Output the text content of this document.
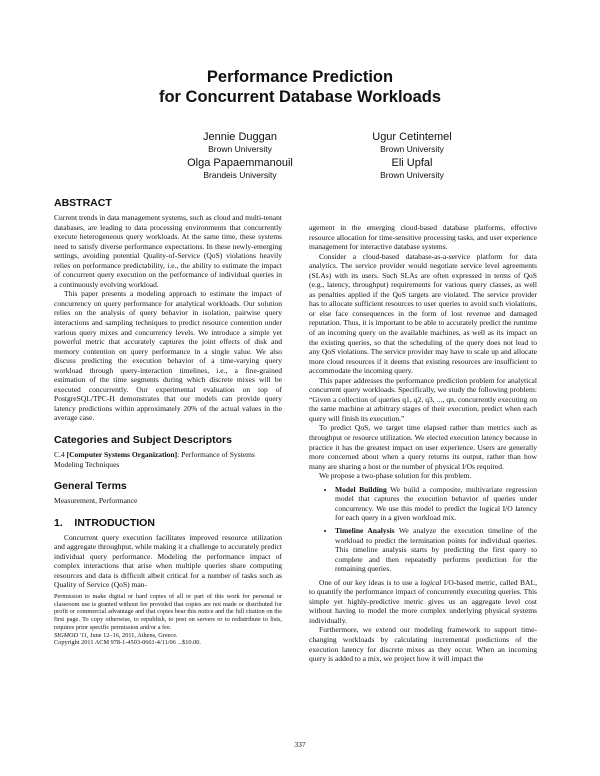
Performance Prediction
for Concurrent Database Workloads
Jennie Duggan
Brown University
Ugur Cetintemel
Brown University
Olga Papaemmanouil
Brandeis University
Eli Upfal
Brown University
ABSTRACT

Current trends in data management systems, such as cloud and multi-tenant databases, are leading to data processing environments that concurrently execute heterogeneous query workloads. At the same time, these systems need to satisfy diverse performance expectations. In these newly-emerging settings, avoiding potential Quality-of-Service (QoS) violations heavily relies on performance predictability, i.e., the ability to estimate the impact of concurrent query execution on the performance of individual queries in a continuously evolving workload.

This paper presents a modeling approach to estimate the impact of concurrency on query performance for analytical workloads. Our solution relies on the analysis of query behavior in isolation, pairwise query interactions and sampling techniques to predict resource contention under various query mixes and concurrency levels. We introduce a simple yet powerful metric that accurately captures the joint effects of disk and memory contention on query performance in a single value. We also discuss predicting the execution behavior of a time-varying query workload through query-interaction timelines, i.e., a fine-grained estimation of the time segments during which discrete mixes will be executed concurrently. Our experimental evaluation on top of PostgreSQL/TPC-H demonstrates that our models can provide query latency predictions within approximately 20% of the actual values in the average case.

Categories and Subject Descriptors

C.4 [Computer Systems Organization]: Performance of Systems

Modeling Techniques

General Terms

Measurement, Performance

1.    INTRODUCTION

Concurrent query execution facilitates improved resource utilization and aggregate throughput, while making it a challenge to accurately predict individual query performance. Modeling the performance impact of complex interactions that arise when multiple queries share computing resources and data is difficult albeit critical for a number of tasks such as Quality of Service (QoS) man-

Permission to make digital or hard copies of all or part of this work for personal or classroom use is granted without fee provided that copies are not made or distributed for profit or commercial advantage and that copies bear this notice and the full citation on the first page. To copy otherwise, to republish, to post on servers or to redistribute to lists, requires prior specific permission and/or a fee.

SIGMOD '11, June 12–16, 2011, Athens, Greece.

Copyright 2011 ACM 978-1-4503-0661-4/11/06 ...$10.00.

agement in the emerging cloud-based database platforms, effective resource allocation for time-sensitive processing tasks, and user experience management for interactive database systems.

Consider a cloud-based database-as-a-service platform for data analytics. The service provider would negotiate service level agreements (SLAs) with its users. Such SLAs are often expressed in terms of QoS (e.g., latency, throughput) requirements for various query classes, as well as penalties applied if the QoS targets are violated. The service provider has to allocate sufficient resources to user queries to avoid such violations, or else face consequences in the form of lost revenue and damaged reputation. Thus, it is important to be able to accurately predict the runtime of an incoming query on the available machines, as well as its impact on the existing queries, so that the scheduling of the query does not lead to any QoS violations. The service provider may have to scale up and allocate more cloud resources if it deems that existing resources are insufficient to accommodate the incoming query.

This paper addresses the performance prediction problem for analytical concurrent query workloads. Specifically, we study the following problem: “Given a collection of queries q1, q2, q3, ..., qn, concurrently executing on the same machine at arbitrary stages of their execution, predict when each query will finish its execution.”

To predict QoS, we target time elapsed rather than metrics such as throughput or resource utilization. We elected execution latency because in practice it has the greatest impact on user experience. Users are generally more concerned about when a query returns its output, rather than how many are sharing a host or the number of physical I/Os required.

We propose a two-phase solution for this problem.

• Model Building We build a composite, multivariate regression model that captures the execution behavior of queries under concurrency. We use this model to predict the logical I/O latency for each query in a given workload mix.
• Timeline Analysis We analyze the execution timeline of the workload to predict the termination points for individual queries. This timeline analysis starts by predicting the first query to complete and then repeatedly performs prediction for the remaining queries.

One of our key ideas is to use a logical I/O-based metric, called BAL, to quantify the performance impact of concurrently executing queries. This simple yet highly-predictive metric gives us an aggregate level cost without having to model the more complex underlying physical systems individually.

Furthermore, we extend our modeling framework to support time-changing workloads by calculating incremental predictions of the execution latency for discrete mixes as they occur. When an incoming query is added to a mix, we project how it will impact the

337
